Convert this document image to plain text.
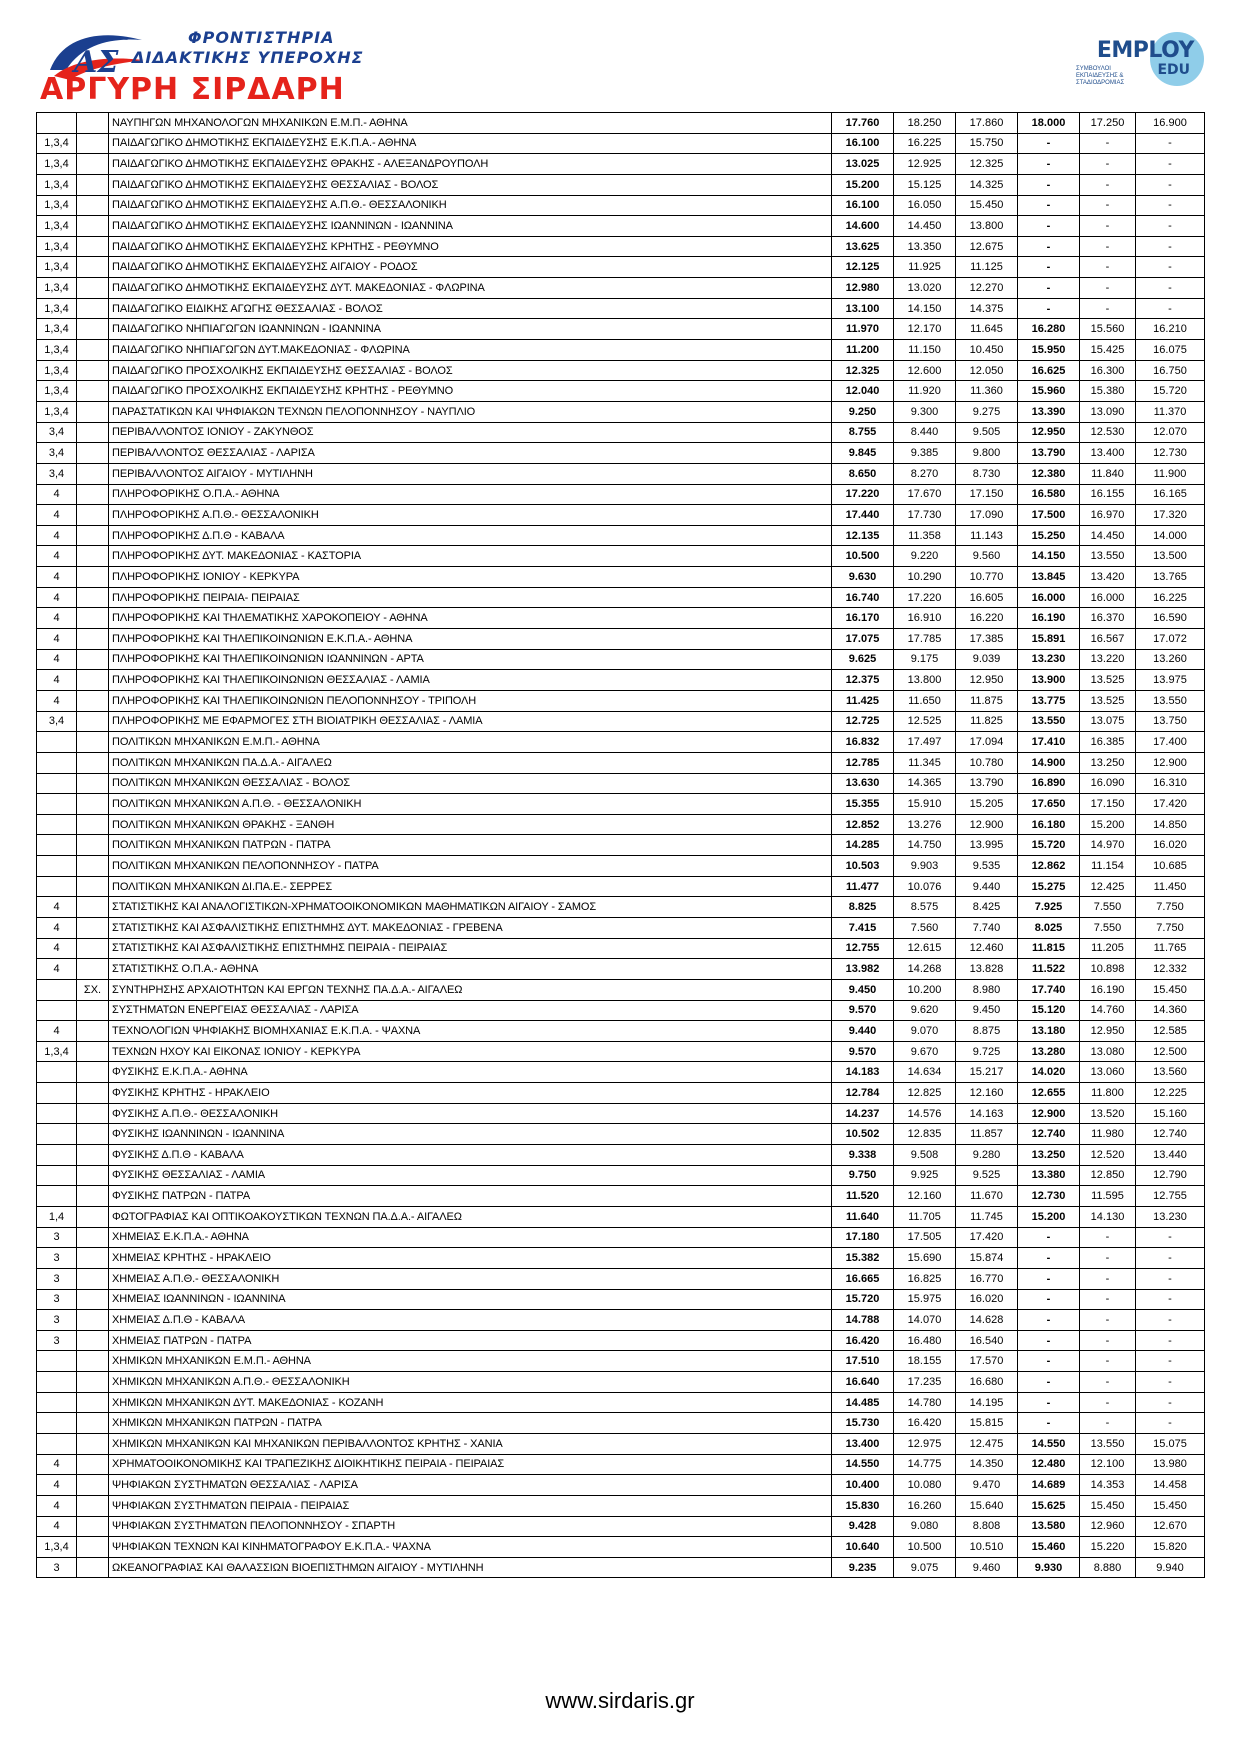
ΑΣ
ΦΡΟΝΤΙΣΤΗΡΙΑ
ΔΙΔΑΚΤΙΚΗΣ ΥΠΕΡΟΧΗΣ
ΑΡΓΥΡΗ ΣΙΡΔΑΡΗ
EMPLOY
EDU
ΣΥΜΒΟΥΛΟΙ ΕΚΠΑΙΔΕΥΣΗΣ & ΣΤΑΔΙΟΔΡΟΜΙΑΣ
		ΝΑΥΠΗΓΩΝ ΜΗΧΑΝΟΛΟΓΩΝ ΜΗΧΑΝΙΚΩΝ Ε.Μ.Π.- ΑΘΗΝΑ	17.760	18.250	17.860	18.000	17.250	16.900
1,3,4		ΠΑΙΔΑΓΩΓΙΚΟ ΔΗΜΟΤΙΚΗΣ ΕΚΠΑΙΔΕΥΣΗΣ Ε.Κ.Π.Α.- ΑΘΗΝΑ	16.100	16.225	15.750	-	-	-
1,3,4		ΠΑΙΔΑΓΩΓΙΚΟ ΔΗΜΟΤΙΚΗΣ ΕΚΠΑΙΔΕΥΣΗΣ ΘΡΑΚΗΣ - ΑΛΕΞΑΝΔΡΟΥΠΟΛΗ	13.025	12.925	12.325	-	-	-
1,3,4		ΠΑΙΔΑΓΩΓΙΚΟ ΔΗΜΟΤΙΚΗΣ ΕΚΠΑΙΔΕΥΣΗΣ ΘΕΣΣΑΛΙΑΣ - ΒΟΛΟΣ	15.200	15.125	14.325	-	-	-
1,3,4		ΠΑΙΔΑΓΩΓΙΚΟ ΔΗΜΟΤΙΚΗΣ ΕΚΠΑΙΔΕΥΣΗΣ Α.Π.Θ.- ΘΕΣΣΑΛΟΝΙΚΗ	16.100	16.050	15.450	-	-	-
1,3,4		ΠΑΙΔΑΓΩΓΙΚΟ ΔΗΜΟΤΙΚΗΣ ΕΚΠΑΙΔΕΥΣΗΣ ΙΩΑΝΝΙΝΩΝ - ΙΩΑΝΝΙΝΑ	14.600	14.450	13.800	-	-	-
1,3,4		ΠΑΙΔΑΓΩΓΙΚΟ ΔΗΜΟΤΙΚΗΣ ΕΚΠΑΙΔΕΥΣΗΣ ΚΡΗΤΗΣ - ΡΕΘΥΜΝΟ	13.625	13.350	12.675	-	-	-
1,3,4		ΠΑΙΔΑΓΩΓΙΚΟ ΔΗΜΟΤΙΚΗΣ ΕΚΠΑΙΔΕΥΣΗΣ ΑΙΓΑΙΟΥ - ΡΟΔΟΣ	12.125	11.925	11.125	-	-	-
1,3,4		ΠΑΙΔΑΓΩΓΙΚΟ ΔΗΜΟΤΙΚΗΣ ΕΚΠΑΙΔΕΥΣΗΣ ΔΥΤ. ΜΑΚΕΔΟΝΙΑΣ - ΦΛΩΡΙΝΑ	12.980	13.020	12.270	-	-	-
1,3,4		ΠΑΙΔΑΓΩΓΙΚΟ ΕΙΔΙΚΗΣ ΑΓΩΓΗΣ ΘΕΣΣΑΛΙΑΣ - ΒΟΛΟΣ	13.100	14.150	14.375	-	-	-
1,3,4		ΠΑΙΔΑΓΩΓΙΚΟ ΝΗΠΙΑΓΩΓΩΝ ΙΩΑΝΝΙΝΩΝ - ΙΩΑΝΝΙΝΑ	11.970	12.170	11.645	16.280	15.560	16.210
1,3,4		ΠΑΙΔΑΓΩΓΙΚΟ ΝΗΠΙΑΓΩΓΩΝ ΔΥΤ.ΜΑΚΕΔΟΝΙΑΣ - ΦΛΩΡΙΝΑ	11.200	11.150	10.450	15.950	15.425	16.075
1,3,4		ΠΑΙΔΑΓΩΓΙΚΟ ΠΡΟΣΧΟΛΙΚΗΣ ΕΚΠΑΙΔΕΥΣΗΣ ΘΕΣΣΑΛΙΑΣ - ΒΟΛΟΣ	12.325	12.600	12.050	16.625	16.300	16.750
1,3,4		ΠΑΙΔΑΓΩΓΙΚΟ ΠΡΟΣΧΟΛΙΚΗΣ ΕΚΠΑΙΔΕΥΣΗΣ ΚΡΗΤΗΣ - ΡΕΘΥΜΝΟ	12.040	11.920	11.360	15.960	15.380	15.720
1,3,4		ΠΑΡΑΣΤΑΤΙΚΩΝ ΚΑΙ ΨΗΦΙΑΚΩΝ ΤΕΧΝΩΝ ΠΕΛΟΠΟΝΝΗΣΟΥ - ΝΑΥΠΛΙΟ	9.250	9.300	9.275	13.390	13.090	11.370
3,4		ΠΕΡΙΒΑΛΛΟΝΤΟΣ ΙΟΝΙΟΥ - ΖΑΚΥΝΘΟΣ	8.755	8.440	9.505	12.950	12.530	12.070
3,4		ΠΕΡΙΒΑΛΛΟΝΤΟΣ ΘΕΣΣΑΛΙΑΣ - ΛΑΡΙΣΑ	9.845	9.385	9.800	13.790	13.400	12.730
3,4		ΠΕΡΙΒΑΛΛΟΝΤΟΣ ΑΙΓΑΙΟΥ - ΜΥΤΙΛΗΝΗ	8.650	8.270	8.730	12.380	11.840	11.900
4		ΠΛΗΡΟΦΟΡΙΚΗΣ Ο.Π.Α.- ΑΘΗΝΑ	17.220	17.670	17.150	16.580	16.155	16.165
4		ΠΛΗΡΟΦΟΡΙΚΗΣ Α.Π.Θ.- ΘΕΣΣΑΛΟΝΙΚΗ	17.440	17.730	17.090	17.500	16.970	17.320
4		ΠΛΗΡΟΦΟΡΙΚΗΣ Δ.Π.Θ - ΚΑΒΑΛΑ	12.135	11.358	11.143	15.250	14.450	14.000
4		ΠΛΗΡΟΦΟΡΙΚΗΣ ΔΥΤ. ΜΑΚΕΔΟΝΙΑΣ - ΚΑΣΤΟΡΙΑ	10.500	9.220	9.560	14.150	13.550	13.500
4		ΠΛΗΡΟΦΟΡΙΚΗΣ ΙΟΝΙΟΥ - ΚΕΡΚΥΡΑ	9.630	10.290	10.770	13.845	13.420	13.765
4		ΠΛΗΡΟΦΟΡΙΚΗΣ ΠΕΙΡΑΙΑ- ΠΕΙΡΑΙΑΣ	16.740	17.220	16.605	16.000	16.000	16.225
4		ΠΛΗΡΟΦΟΡΙΚΗΣ ΚΑΙ ΤΗΛΕΜΑΤΙΚΗΣ ΧΑΡΟΚΟΠΕΙΟΥ - ΑΘΗΝΑ	16.170	16.910	16.220	16.190	16.370	16.590
4		ΠΛΗΡΟΦΟΡΙΚΗΣ ΚΑΙ ΤΗΛΕΠΙΚΟΙΝΩΝΙΩΝ Ε.Κ.Π.Α.- ΑΘΗΝΑ	17.075	17.785	17.385	15.891	16.567	17.072
4		ΠΛΗΡΟΦΟΡΙΚΗΣ ΚΑΙ ΤΗΛΕΠΙΚΟΙΝΩΝΙΩΝ ΙΩΑΝΝΙΝΩΝ - ΑΡΤΑ	9.625	9.175	9.039	13.230	13.220	13.260
4		ΠΛΗΡΟΦΟΡΙΚΗΣ ΚΑΙ ΤΗΛΕΠΙΚΟΙΝΩΝΙΩΝ ΘΕΣΣΑΛΙΑΣ - ΛΑΜΙΑ	12.375	13.800	12.950	13.900	13.525	13.975
4		ΠΛΗΡΟΦΟΡΙΚΗΣ ΚΑΙ ΤΗΛΕΠΙΚΟΙΝΩΝΙΩΝ ΠΕΛΟΠΟΝΝΗΣΟΥ - ΤΡΙΠΟΛΗ	11.425	11.650	11.875	13.775	13.525	13.550
3,4		ΠΛΗΡΟΦΟΡΙΚΗΣ ΜΕ ΕΦΑΡΜΟΓΕΣ ΣΤΗ ΒΙΟΙΑΤΡΙΚΗ ΘΕΣΣΑΛΙΑΣ - ΛΑΜΙΑ	12.725	12.525	11.825	13.550	13.075	13.750
		ΠΟΛΙΤΙΚΩΝ ΜΗΧΑΝΙΚΩΝ Ε.Μ.Π.- ΑΘΗΝΑ	16.832	17.497	17.094	17.410	16.385	17.400
		ΠΟΛΙΤΙΚΩΝ ΜΗΧΑΝΙΚΩΝ ΠΑ.Δ.Α.- ΑΙΓΑΛΕΩ	12.785	11.345	10.780	14.900	13.250	12.900
		ΠΟΛΙΤΙΚΩΝ ΜΗΧΑΝΙΚΩΝ ΘΕΣΣΑΛΙΑΣ - ΒΟΛΟΣ	13.630	14.365	13.790	16.890	16.090	16.310
		ΠΟΛΙΤΙΚΩΝ ΜΗΧΑΝΙΚΩΝ Α.Π.Θ. - ΘΕΣΣΑΛΟΝΙΚΗ	15.355	15.910	15.205	17.650	17.150	17.420
		ΠΟΛΙΤΙΚΩΝ ΜΗΧΑΝΙΚΩΝ ΘΡΑΚΗΣ - ΞΑΝΘΗ	12.852	13.276	12.900	16.180	15.200	14.850
		ΠΟΛΙΤΙΚΩΝ ΜΗΧΑΝΙΚΩΝ ΠΑΤΡΩΝ - ΠΑΤΡΑ	14.285	14.750	13.995	15.720	14.970	16.020
		ΠΟΛΙΤΙΚΩΝ ΜΗΧΑΝΙΚΩΝ ΠΕΛΟΠΟΝΝΗΣΟΥ - ΠΑΤΡΑ	10.503	9.903	9.535	12.862	11.154	10.685
		ΠΟΛΙΤΙΚΩΝ ΜΗΧΑΝΙΚΩΝ ΔΙ.ΠΑ.Ε.- ΣΕΡΡΕΣ	11.477	10.076	9.440	15.275	12.425	11.450
4		ΣΤΑΤΙΣΤΙΚΗΣ ΚΑΙ ΑΝΑΛΟΓΙΣΤΙΚΩΝ-ΧΡΗΜΑΤΟΟΙΚΟΝΟΜΙΚΩΝ ΜΑΘΗΜΑΤΙΚΩΝ ΑΙΓΑΙΟΥ - ΣΑΜΟΣ	8.825	8.575	8.425	7.925	7.550	7.750
4		ΣΤΑΤΙΣΤΙΚΗΣ ΚΑΙ ΑΣΦΑΛΙΣΤΙΚΗΣ ΕΠΙΣΤΗΜΗΣ ΔΥΤ. ΜΑΚΕΔΟΝΙΑΣ - ΓΡΕΒΕΝΑ	7.415	7.560	7.740	8.025	7.550	7.750
4		ΣΤΑΤΙΣΤΙΚΗΣ ΚΑΙ ΑΣΦΑΛΙΣΤΙΚΗΣ ΕΠΙΣΤΗΜΗΣ ΠΕΙΡΑΙΑ - ΠΕΙΡΑΙΑΣ	12.755	12.615	12.460	11.815	11.205	11.765
4		ΣΤΑΤΙΣΤΙΚΗΣ Ο.Π.Α.- ΑΘΗΝΑ	13.982	14.268	13.828	11.522	10.898	12.332
	ΣΧ.	ΣΥΝΤΗΡΗΣΗΣ ΑΡΧΑΙΟΤΗΤΩΝ ΚΑΙ ΕΡΓΩΝ ΤΕΧΝΗΣ ΠΑ.Δ.Α.- ΑΙΓΑΛΕΩ	9.450	10.200	8.980	17.740	16.190	15.450
		ΣΥΣΤΗΜΑΤΩΝ ΕΝΕΡΓΕΙΑΣ ΘΕΣΣΑΛΙΑΣ - ΛΑΡΙΣΑ	9.570	9.620	9.450	15.120	14.760	14.360
4		ΤΕΧΝΟΛΟΓΙΩΝ ΨΗΦΙΑΚΗΣ ΒΙΟΜΗΧΑΝΙΑΣ Ε.Κ.Π.Α. - ΨΑΧΝΑ	9.440	9.070	8.875	13.180	12.950	12.585
1,3,4		ΤΕΧΝΩΝ ΗΧΟΥ ΚΑΙ ΕΙΚΟΝΑΣ ΙΟΝΙΟΥ - ΚΕΡΚΥΡΑ	9.570	9.670	9.725	13.280	13.080	12.500
		ΦΥΣΙΚΗΣ Ε.Κ.Π.Α.- ΑΘΗΝΑ	14.183	14.634	15.217	14.020	13.060	13.560
		ΦΥΣΙΚΗΣ ΚΡΗΤΗΣ - ΗΡΑΚΛΕΙΟ	12.784	12.825	12.160	12.655	11.800	12.225
		ΦΥΣΙΚΗΣ Α.Π.Θ.- ΘΕΣΣΑΛΟΝΙΚΗ	14.237	14.576	14.163	12.900	13.520	15.160
		ΦΥΣΙΚΗΣ ΙΩΑΝΝΙΝΩΝ - ΙΩΑΝΝΙΝΑ	10.502	12.835	11.857	12.740	11.980	12.740
		ΦΥΣΙΚΗΣ Δ.Π.Θ - ΚΑΒΑΛΑ	9.338	9.508	9.280	13.250	12.520	13.440
		ΦΥΣΙΚΗΣ ΘΕΣΣΑΛΙΑΣ - ΛΑΜΙΑ	9.750	9.925	9.525	13.380	12.850	12.790
		ΦΥΣΙΚΗΣ ΠΑΤΡΩΝ - ΠΑΤΡΑ	11.520	12.160	11.670	12.730	11.595	12.755
1,4		ΦΩΤΟΓΡΑΦΙΑΣ ΚΑΙ ΟΠΤΙΚΟΑΚΟΥΣΤΙΚΩΝ ΤΕΧΝΩΝ ΠΑ.Δ.Α.- ΑΙΓΑΛΕΩ	11.640	11.705	11.745	15.200	14.130	13.230
3		ΧΗΜΕΙΑΣ Ε.Κ.Π.Α.- ΑΘΗΝΑ	17.180	17.505	17.420	-	-	-
3		ΧΗΜΕΙΑΣ ΚΡΗΤΗΣ - ΗΡΑΚΛΕΙΟ	15.382	15.690	15.874	-	-	-
3		ΧΗΜΕΙΑΣ Α.Π.Θ.- ΘΕΣΣΑΛΟΝΙΚΗ	16.665	16.825	16.770	-	-	-
3		ΧΗΜΕΙΑΣ ΙΩΑΝΝΙΝΩΝ - ΙΩΑΝΝΙΝΑ	15.720	15.975	16.020	-	-	-
3		ΧΗΜΕΙΑΣ Δ.Π.Θ - ΚΑΒΑΛΑ	14.788	14.070	14.628	-	-	-
3		ΧΗΜΕΙΑΣ ΠΑΤΡΩΝ - ΠΑΤΡΑ	16.420	16.480	16.540	-	-	-
		ΧΗΜΙΚΩΝ ΜΗΧΑΝΙΚΩΝ Ε.Μ.Π.- ΑΘΗΝΑ	17.510	18.155	17.570	-	-	-
		ΧΗΜΙΚΩΝ ΜΗΧΑΝΙΚΩΝ Α.Π.Θ.- ΘΕΣΣΑΛΟΝΙΚΗ	16.640	17.235	16.680	-	-	-
		ΧΗΜΙΚΩΝ ΜΗΧΑΝΙΚΩΝ ΔΥΤ. ΜΑΚΕΔΟΝΙΑΣ - ΚΟΖΑΝΗ	14.485	14.780	14.195	-	-	-
		ΧΗΜΙΚΩΝ ΜΗΧΑΝΙΚΩΝ ΠΑΤΡΩΝ - ΠΑΤΡΑ	15.730	16.420	15.815	-	-	-
		ΧΗΜΙΚΩΝ ΜΗΧΑΝΙΚΩΝ ΚΑΙ ΜΗΧΑΝΙΚΩΝ ΠΕΡΙΒΑΛΛΟΝΤΟΣ ΚΡΗΤΗΣ - ΧΑΝΙΑ	13.400	12.975	12.475	14.550	13.550	15.075
4		ΧΡΗΜΑΤΟΟΙΚΟΝΟΜΙΚΗΣ ΚΑΙ ΤΡΑΠΕΖΙΚΗΣ ΔΙΟΙΚΗΤΙΚΗΣ ΠΕΙΡΑΙΑ - ΠΕΙΡΑΙΑΣ	14.550	14.775	14.350	12.480	12.100	13.980
4		ΨΗΦΙΑΚΩΝ ΣΥΣΤΗΜΑΤΩΝ ΘΕΣΣΑΛΙΑΣ - ΛΑΡΙΣΑ	10.400	10.080	9.470	14.689	14.353	14.458
4		ΨΗΦΙΑΚΩΝ ΣΥΣΤΗΜΑΤΩΝ ΠΕΙΡΑΙΑ - ΠΕΙΡΑΙΑΣ	15.830	16.260	15.640	15.625	15.450	15.450
4		ΨΗΦΙΑΚΩΝ ΣΥΣΤΗΜΑΤΩΝ ΠΕΛΟΠΟΝΝΗΣΟΥ - ΣΠΑΡΤΗ	9.428	9.080	8.808	13.580	12.960	12.670
1,3,4		ΨΗΦΙΑΚΩΝ ΤΕΧΝΩΝ ΚΑΙ ΚΙΝΗΜΑΤΟΓΡΑΦΟΥ Ε.Κ.Π.Α.- ΨΑΧΝΑ	10.640	10.500	10.510	15.460	15.220	15.820
3		ΩΚΕΑΝΟΓΡΑΦΙΑΣ ΚΑΙ ΘΑΛΑΣΣΙΩΝ ΒΙΟΕΠΙΣΤΗΜΩΝ ΑΙΓΑΙΟΥ - ΜΥΤΙΛΗΝΗ	9.235	9.075	9.460	9.930	8.880	9.940
www.sirdaris.gr
